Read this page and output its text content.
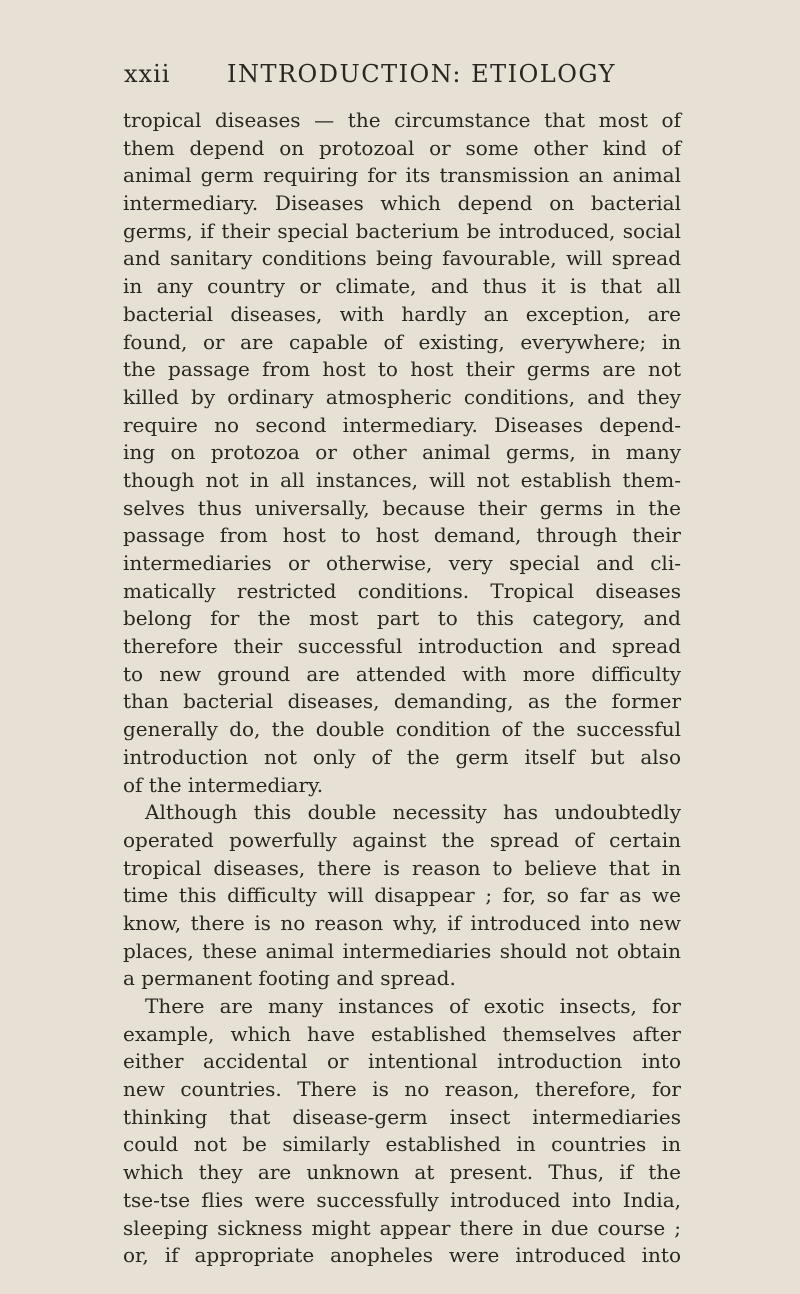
xxii INTRODUCTION: ETIOLOGY
tropical diseases — the circumstance that most of
them depend on protozoal or some other kind of
animal germ requiring for its transmission an animal
intermediary. Diseases which depend on bacterial
germs, if their special bacterium be introduced, social
and sanitary conditions being favourable, will spread
in any country or climate, and thus it is that all
bacterial diseases, with hardly an exception, are
found, or are capable of existing, everywhere; in
the passage from host to host their germs are not
killed by ordinary atmospheric conditions, and they
require no second intermediary. Diseases depend-
ing on protozoa or other animal germs, in many
though not in all instances, will not establish them-
selves thus universally, because their germs in the
passage from host to host demand, through their
intermediaries or otherwise, very special and cli-
matically restricted conditions. Tropical diseases
belong for the most part to this category, and
therefore their successful introduction and spread
to new ground are attended with more difficulty
than bacterial diseases, demanding, as the former
generally do, the double condition of the successful
introduction not only of the germ itself but also
of the intermediary.
Although this double necessity has undoubtedly
operated powerfully against the spread of certain
tropical diseases, there is reason to believe that in
time this difficulty will disappear ; for, so far as we
know, there is no reason why, if introduced into new
places, these animal intermediaries should not obtain
a permanent footing and spread.
There are many instances of exotic insects, for
example, which have established themselves after
either accidental or intentional introduction into
new countries. There is no reason, therefore, for
thinking that disease-germ insect intermediaries
could not be similarly established in countries in
which they are unknown at present. Thus, if the
tse-tse flies were successfully introduced into India,
sleeping sickness might appear there in due course ;
or, if appropriate anopheles were introduced into
